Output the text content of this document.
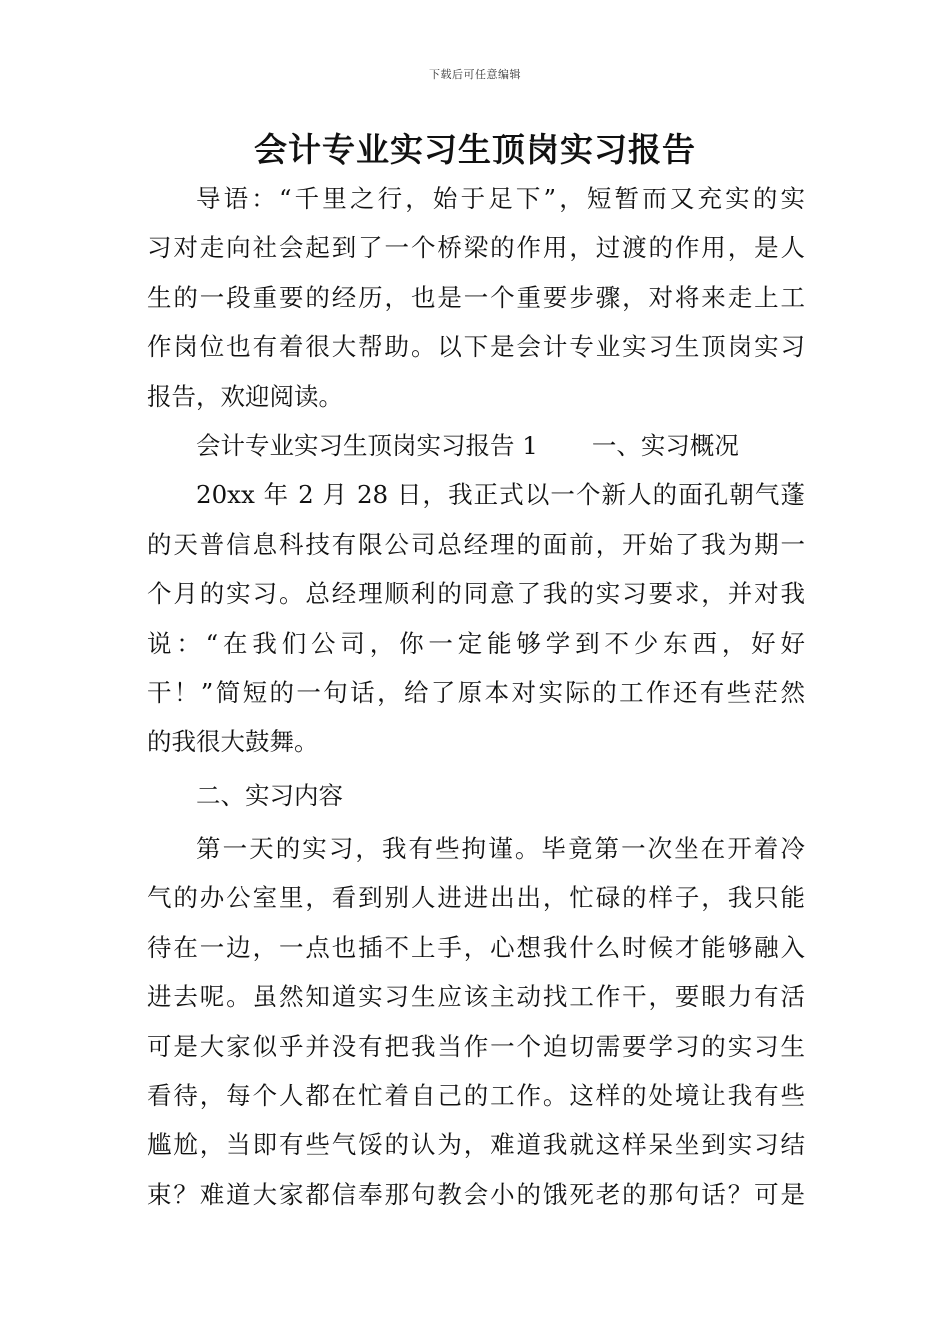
下载后可任意编辑
会计专业实习生顶岗实习报告
导语：“千里之行，始于足下”，短暂而又充实的实
习对走向社会起到了一个桥梁的作用，过渡的作用，是人
生的一段重要的经历，也是一个重要步骤，对将来走上工
作岗位也有着很大帮助。以下是会计专业实习生顶岗实习
报告，欢迎阅读。
会计专业实习生顶岗实习报告 1 一、实习概况
20xx 年 2 月 28 日，我正式以一个新人的面孔朝气蓬
的天普信息科技有限公司总经理的面前，开始了我为期一
个月的实习。总经理顺利的同意了我的实习要求，并对我
说：“在我们公司，你一定能够学到不少东西，好好
干！”简短的一句话，给了原本对实际的工作还有些茫然
的我很大鼓舞。
二、实习内容
第一天的实习，我有些拘谨。毕竟第一次坐在开着冷
气的办公室里，看到别人进进出出，忙碌的样子，我只能
待在一边，一点也插不上手，心想我什么时候才能够融入
进去呢。虽然知道实习生应该主动找工作干，要眼力有活
可是大家似乎并没有把我当作一个迫切需要学习的实习生
看待，每个人都在忙着自己的工作。这样的处境让我有些
尴尬，当即有些气馁的认为，难道我就这样呆坐到实习结
束？难道大家都信奉那句教会小的饿死老的那句话？可是
